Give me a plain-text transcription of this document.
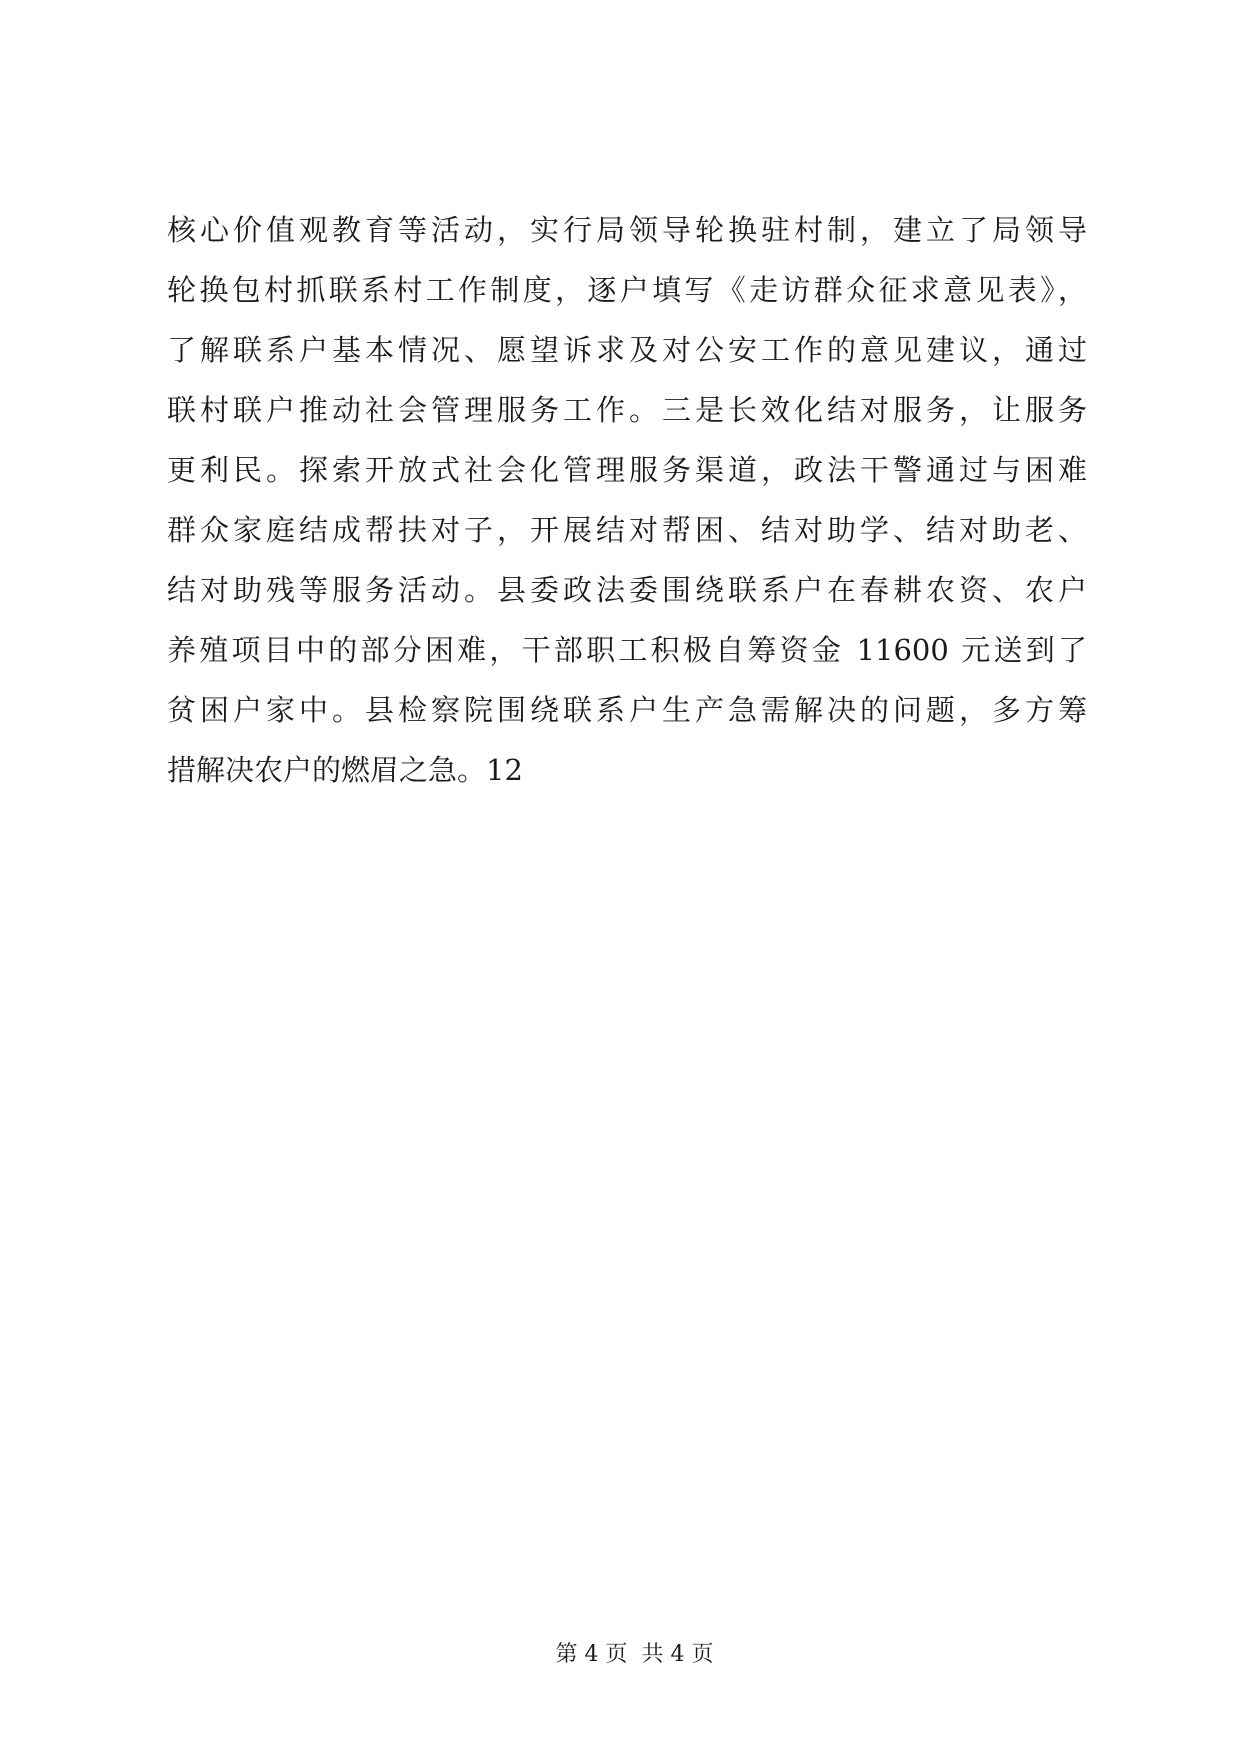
核心价值观教育等活动，实行局领导轮换驻村制，建立了局领导
轮换包村抓联系村工作制度，逐户填写《走访群众征求意见表》，
了解联系户基本情况、愿望诉求及对公安工作的意见建议，通过
联村联户推动社会管理服务工作。三是长效化结对服务，让服务
更利民。探索开放式社会化管理服务渠道，政法干警通过与困难
群众家庭结成帮扶对子，开展结对帮困、结对助学、结对助老、
结对助残等服务活动。县委政法委围绕联系户在春耕农资、农户
养殖项目中的部分困难，干部职工积极自筹资金 11600 元送到了
贫困户家中。县检察院围绕联系户生产急需解决的问题，多方筹
措解决农户的燃眉之急。12

第 4 页  共 4 页
